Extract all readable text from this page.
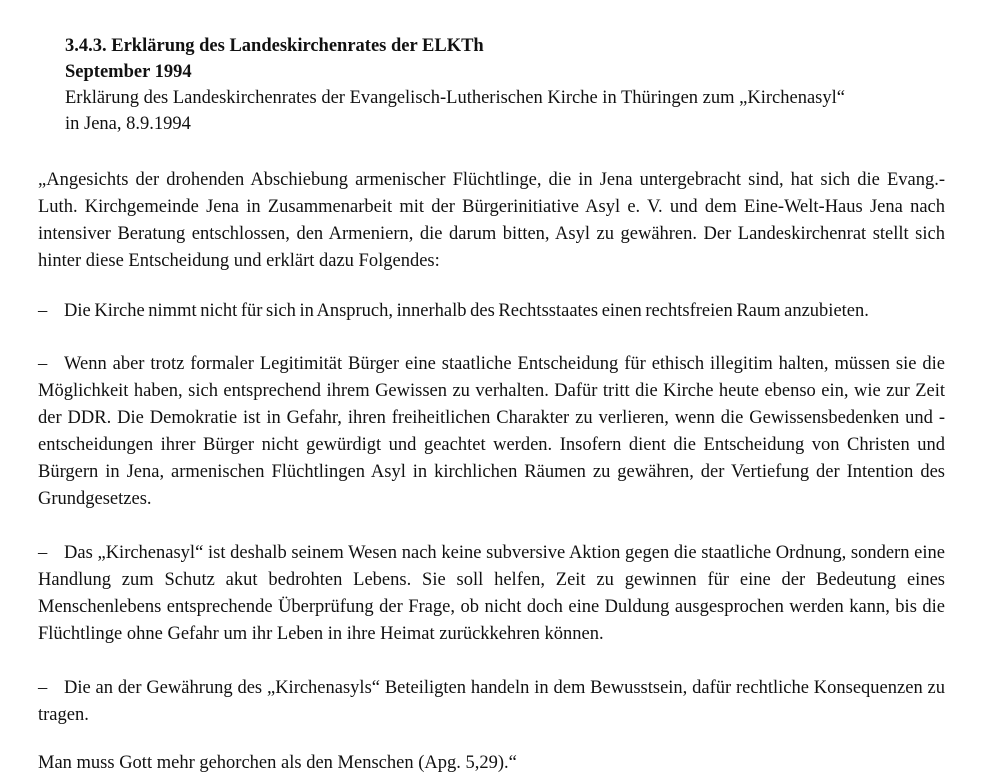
3.4.3. Erklärung des Landeskirchenrates der ELKTh
September 1994
Erklärung des Landeskirchenrates der Evangelisch-Lutherischen Kirche in Thüringen zum „Kirchenasyl“
in Jena, 8.9.1994

„Angesichts der drohenden Abschiebung armenischer Flüchtlinge, die in Jena untergebracht sind, hat sich die Evang.-Luth. Kirchgemeinde Jena in Zusammenarbeit mit der Bürgerinitiative Asyl e. V. und dem Eine-Welt-Haus Jena nach intensiver Beratung entschlossen, den Armeniern, die darum bitten, Asyl zu gewähren. Der Landeskirchenrat stellt sich hinter diese Entscheidung und erklärt dazu Folgendes:

– Die Kirche nimmt nicht für sich in Anspruch, innerhalb des Rechtsstaates einen rechtsfreien Raum anzubieten.

– Wenn aber trotz formaler Legitimität Bürger eine staatliche Entscheidung für ethisch illegitim halten, müssen sie die Möglichkeit haben, sich entsprechend ihrem Gewissen zu verhalten. Dafür tritt die Kirche heute ebenso ein, wie zur Zeit der DDR. Die Demokratie ist in Gefahr, ihren freiheitlichen Charakter zu verlieren, wenn die Gewissensbedenken und -entscheidungen ihrer Bürger nicht gewürdigt und geachtet werden. Insofern dient die Entscheidung von Christen und Bürgern in Jena, armenischen Flüchtlingen Asyl in kirchlichen Räumen zu gewähren, der Vertiefung der Intention des Grundgesetzes.

– Das „Kirchenasyl“ ist deshalb seinem Wesen nach keine subversive Aktion gegen die staatliche Ordnung, sondern eine Handlung zum Schutz akut bedrohten Lebens. Sie soll helfen, Zeit zu gewinnen für eine der Bedeutung eines Menschenlebens entsprechende Überprüfung der Frage, ob nicht doch eine Duldung ausgesprochen werden kann, bis die Flüchtlinge ohne Gefahr um ihr Leben in ihre Heimat zurückkehren können.

– Die an der Gewährung des „Kirchenasyls“ Beteiligten handeln in dem Bewusstsein, dafür rechtliche Konsequenzen zu tragen.

Man muss Gott mehr gehorchen als den Menschen (Apg. 5,29).“
